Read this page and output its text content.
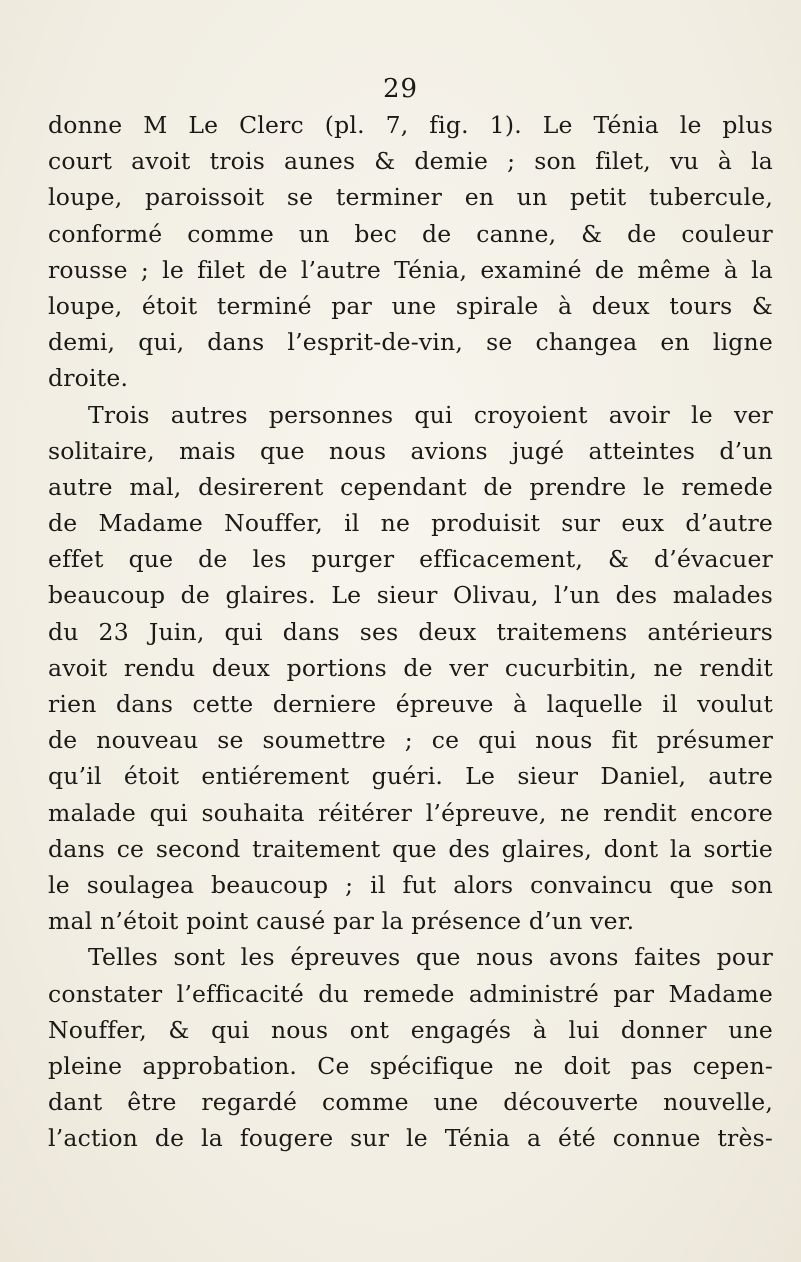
29
donne M Le Clerc (pl. 7, fig. 1). Le Ténia le plus
court avoit trois aunes & demie ; son filet, vu à la
loupe, paroissoit se terminer en un petit tubercule,
conformé comme un bec de canne, & de couleur
rousse ; le filet de l’autre Ténia, examiné de même à la
loupe, étoit terminé par une spirale à deux tours &
demi, qui, dans l’esprit-de-vin, se changea en ligne
droite.
Trois autres personnes qui croyoient avoir le ver
solitaire, mais que nous avions jugé atteintes d’un
autre mal, desirerent cependant de prendre le remede
de Madame Nouffer, il ne produisit sur eux d’autre
effet que de les purger efficacement, & d’évacuer
beaucoup de glaires. Le sieur Olivau, l’un des malades
du 23 Juin, qui dans ses deux traitemens antérieurs
avoit rendu deux portions de ver cucurbitin, ne rendit
rien dans cette derniere épreuve à laquelle il voulut
de nouveau se soumettre ; ce qui nous fit présumer
qu’il étoit entiérement guéri. Le sieur Daniel, autre
malade qui souhaita réitérer l’épreuve, ne rendit encore
dans ce second traitement que des glaires, dont la sortie
le soulagea beaucoup ; il fut alors convaincu que son
mal n’étoit point causé par la présence d’un ver.
Telles sont les épreuves que nous avons faites pour
constater l’efficacité du remede administré par Madame
Nouffer, & qui nous ont engagés à lui donner une
pleine approbation. Ce spécifique ne doit pas cepen-
dant être regardé comme une découverte nouvelle,
l’action de la fougere sur le Ténia a été connue très-
